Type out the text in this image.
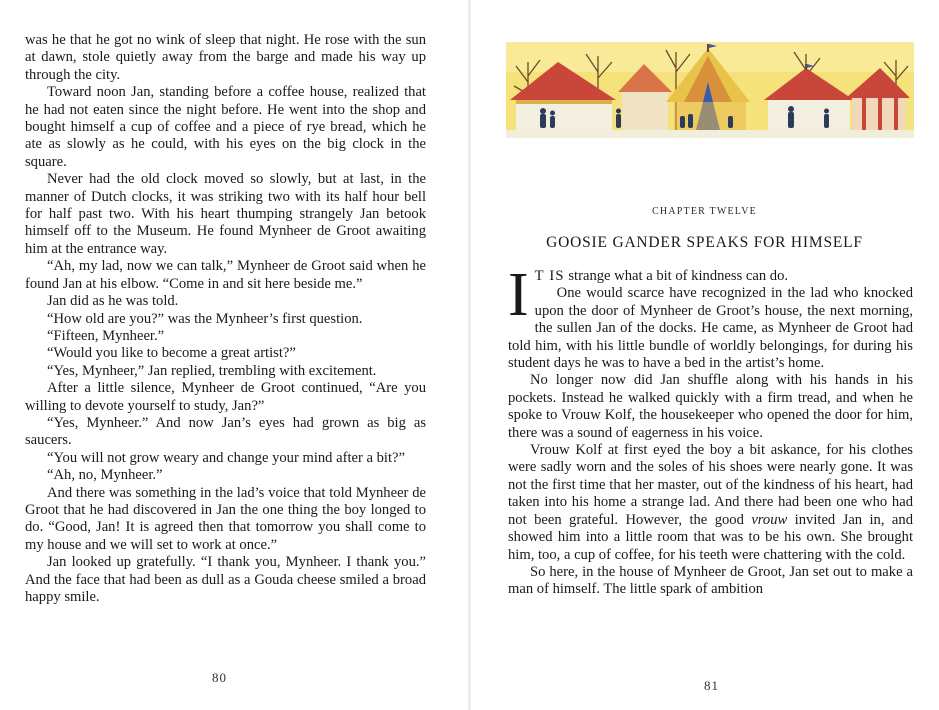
was he that he got no wink of sleep that night. He rose with the sun at dawn, stole quietly away from the barge and made his way up through the city.

Toward noon Jan, standing before a coffee house, realized that he had not eaten since the night before. He went into the shop and bought himself a cup of coffee and a piece of rye bread, which he ate as slowly as he could, with his eyes on the big clock in the square.

Never had the old clock moved so slowly, but at last, in the manner of Dutch clocks, it was striking two with its half hour bell for half past two. With his heart thumping strangely Jan betook himself off to the Museum. He found Mynheer de Groot awaiting him at the entrance way.

“Ah, my lad, now we can talk,” Mynheer de Groot said when he found Jan at his elbow. “Come in and sit here beside me.”

Jan did as he was told.

“How old are you?” was the Mynheer’s first question.

“Fifteen, Mynheer.”

“Would you like to become a great artist?”

“Yes, Mynheer,” Jan replied, trembling with excitement.

After a little silence, Mynheer de Groot continued, “Are you willing to devote yourself to study, Jan?”

“Yes, Mynheer.” And now Jan’s eyes had grown as big as saucers.

“You will not grow weary and change your mind after a bit?”

“Ah, no, Mynheer.”

And there was something in the lad’s voice that told Mynheer de Groot that he had discovered in Jan the one thing the boy longed to do. “Good, Jan! It is agreed then that tomorrow you shall come to my house and we will set to work at once.”

Jan looked up gratefully. “I thank you, Mynheer. I thank you.” And the face that had been as dull as a Gouda cheese smiled a broad happy smile.

80
CHAPTER TWELVE
GOOSIE GANDER SPEAKS FOR HIMSELF

I T IS strange what a bit of kindness can do.

One would scarce have recognized in the lad who knocked upon the door of Mynheer de Groot’s house, the next morning, the sullen Jan of the docks. He came, as Mynheer de Groot had told him, with his little bundle of worldly belongings, for during his student days he was to have a bed in the artist’s home.

No longer now did Jan shuffle along with his hands in his pockets. Instead he walked quickly with a firm tread, and when he spoke to Vrouw Kolf, the housekeeper who opened the door for him, there was a sound of eagerness in his voice.

Vrouw Kolf at first eyed the boy a bit askance, for his clothes were sadly worn and the soles of his shoes were nearly gone. It was not the first time that her master, out of the kindness of his heart, had taken into his home a strange lad. And there had been one who had not been grateful. However, the good vrouw invited Jan in, and showed him into a little room that was to be his own. She brought him, too, a cup of coffee, for his teeth were chattering with the cold.

So here, in the house of Mynheer de Groot, Jan set out to make a man of himself. The little spark of ambition

81
